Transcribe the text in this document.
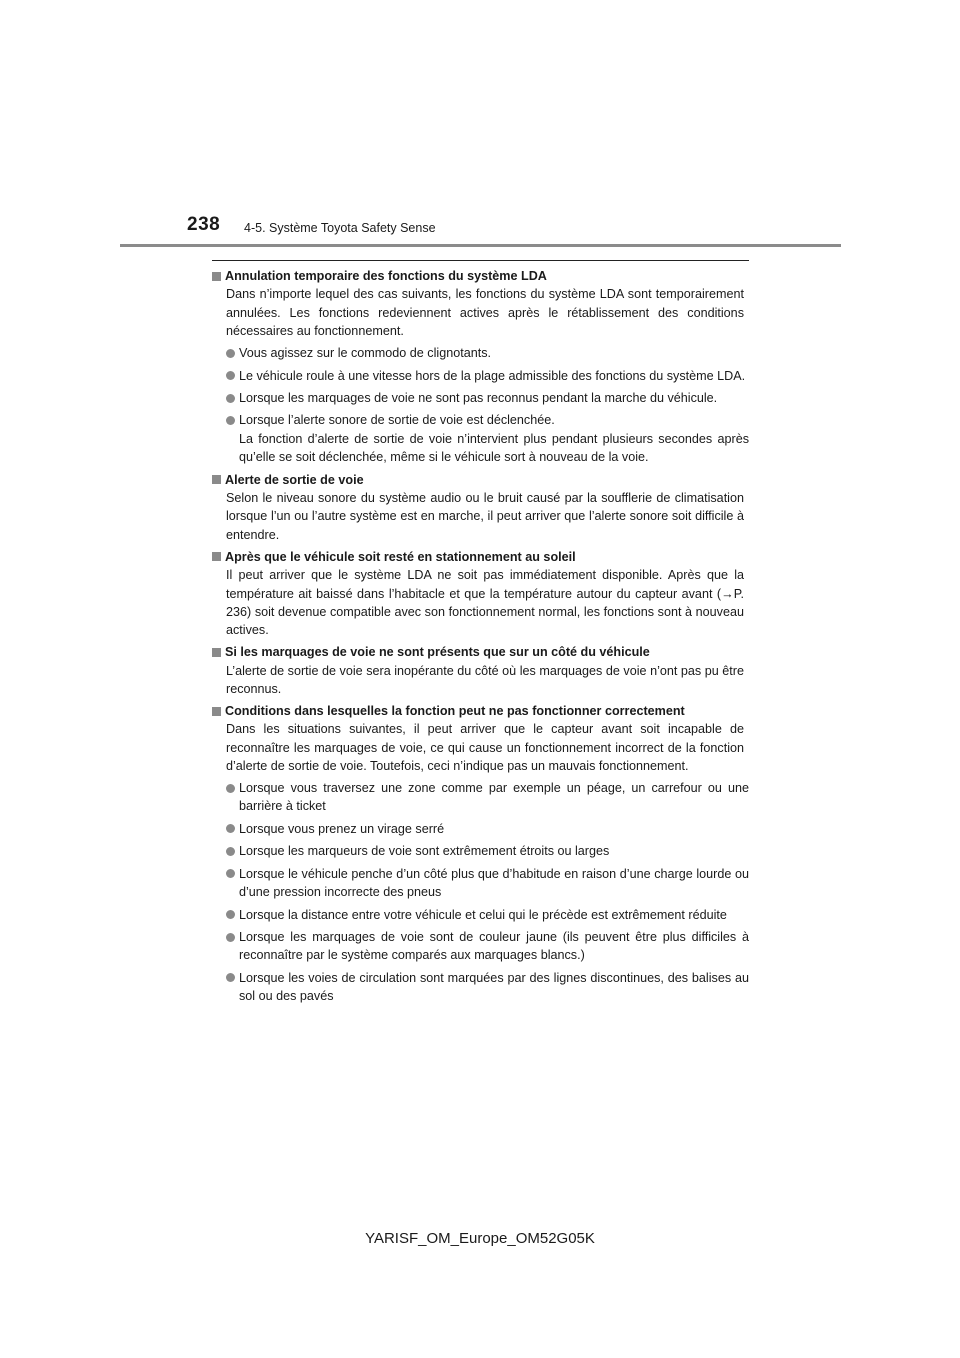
238 4-5. Système Toyota Safety Sense
Annulation temporaire des fonctions du système LDA
Dans n’importe lequel des cas suivants, les fonctions du système LDA sont temporairement annulées. Les fonctions redeviennent actives après le rétablissement des conditions nécessaires au fonctionnement.
Vous agissez sur le commodo de clignotants.
Le véhicule roule à une vitesse hors de la plage admissible des fonctions du système LDA.
Lorsque les marquages de voie ne sont pas reconnus pendant la marche du véhicule.
Lorsque l’alerte sonore de sortie de voie est déclenchée.
La fonction d’alerte de sortie de voie n’intervient plus pendant plusieurs secondes après qu’elle se soit déclenchée, même si le véhicule sort à nouveau de la voie.
Alerte de sortie de voie
Selon le niveau sonore du système audio ou le bruit causé par la soufflerie de climatisation lorsque l’un ou l’autre système est en marche, il peut arriver que l’alerte sonore soit difficile à entendre.
Après que le véhicule soit resté en stationnement au soleil
Il peut arriver que le système LDA ne soit pas immédiatement disponible. Après que la température ait baissé dans l’habitacle et que la température autour du capteur avant (→P. 236) soit devenue compatible avec son fonctionnement normal, les fonctions sont à nouveau actives.
Si les marquages de voie ne sont présents que sur un côté du véhicule
L’alerte de sortie de voie sera inopérante du côté où les marquages de voie n’ont pas pu être reconnus.
Conditions dans lesquelles la fonction peut ne pas fonctionner correctement
Dans les situations suivantes, il peut arriver que le capteur avant soit incapable de reconnaître les marquages de voie, ce qui cause un fonctionnement incorrect de la fonction d’alerte de sortie de voie. Toutefois, ceci n’indique pas un mauvais fonctionnement.
Lorsque vous traversez une zone comme par exemple un péage, un carrefour ou une barrière à ticket
Lorsque vous prenez un virage serré
Lorsque les marqueurs de voie sont extrêmement étroits ou larges
Lorsque le véhicule penche d’un côté plus que d’habitude en raison d’une charge lourde ou d’une pression incorrecte des pneus
Lorsque la distance entre votre véhicule et celui qui le précède est extrêmement réduite
Lorsque les marquages de voie sont de couleur jaune (ils peuvent être plus difficiles à reconnaître par le système comparés aux marquages blancs.)
Lorsque les voies de circulation sont marquées par des lignes discontinues, des balises au sol ou des pavés
YARISF_OM_Europe_OM52G05K
